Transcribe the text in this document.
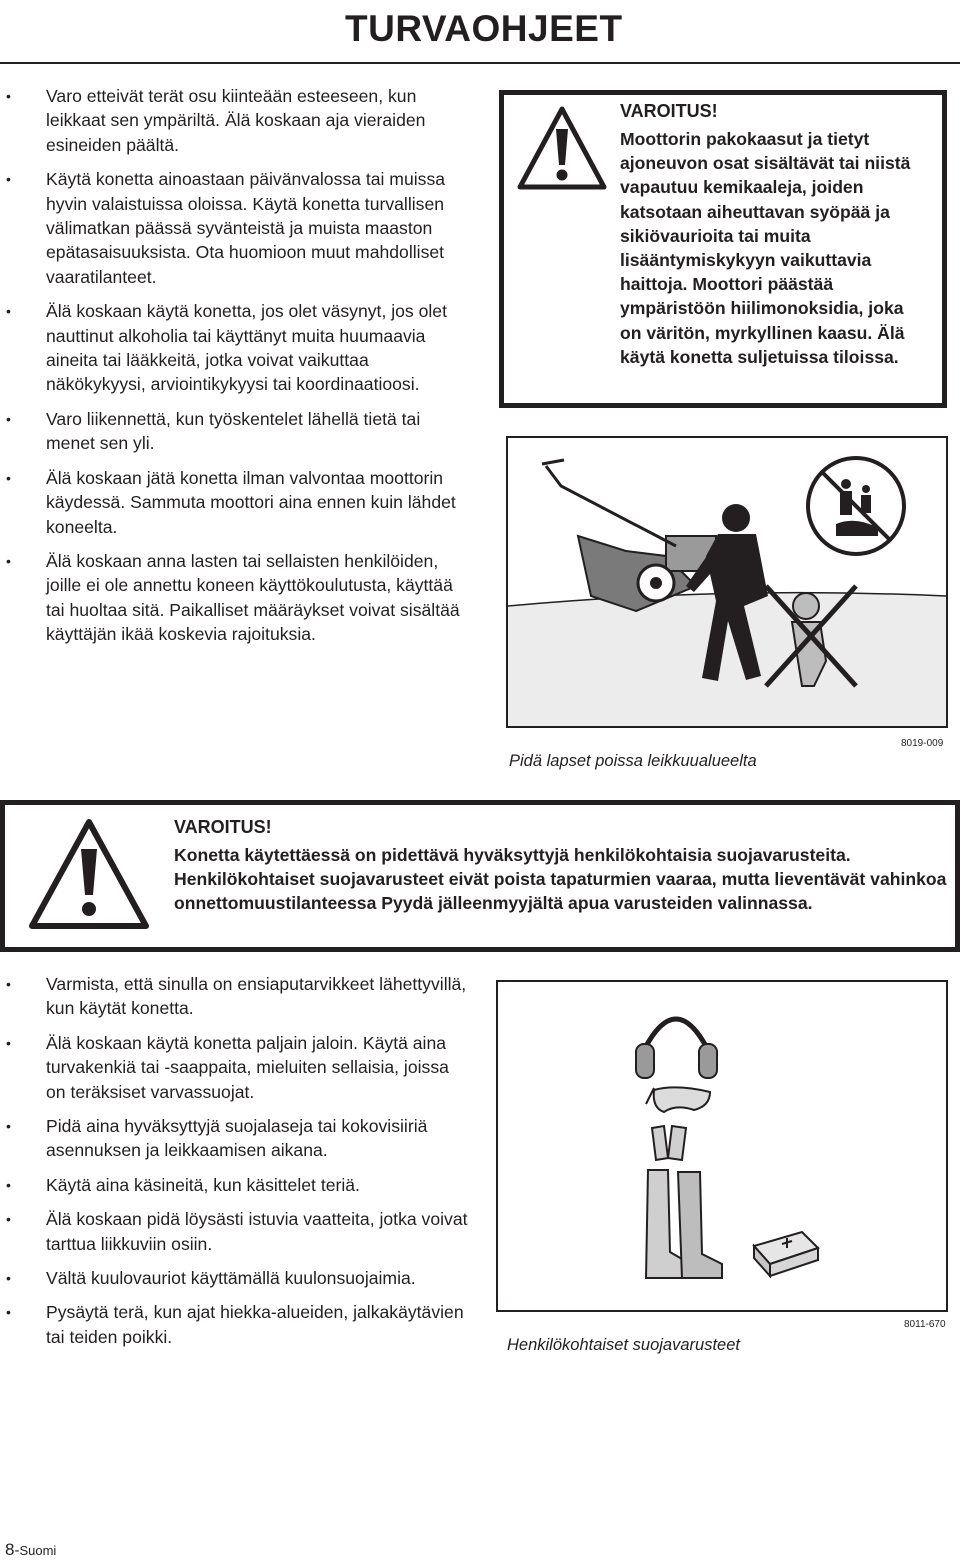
TURVAOHJEET
• Varo etteivät terät osu kiinteään esteeseen, kun leikkaat sen ympäriltä. Älä koskaan aja vieraiden esineiden päältä.
• Käytä konetta ainoastaan päivänvalossa tai muissa hyvin valaistuissa oloissa. Käytä konetta turvallisen välimatkan päässä syvänteistä ja muista maaston epätasaisuuksista. Ota huomioon muut mahdolliset vaaratilanteet.
• Älä koskaan käytä konetta, jos olet väsynyt, jos olet nauttinut alkoholia tai käyttänyt muita huumaavia aineita tai lääkkeitä, jotka voivat vaikuttaa näkökykyysi, arviointikykyysi tai koordinaatioosi.
• Varo liikennettä, kun työskentelet lähellä tietä tai menet sen yli.
• Älä koskaan jätä konetta ilman valvontaa moottorin käydessä. Sammuta moottori aina ennen kuin lähdet koneelta.
• Älä koskaan anna lasten tai sellaisten henkilöiden, joille ei ole annettu koneen käyttökoulutusta, käyttää tai huoltaa sitä. Paikalliset määräykset voivat sisältää käyttäjän ikää koskevia rajoituksia.
VAROITUS!
Moottorin pakokaasut ja tietyt ajoneuvon osat sisältävät tai niistä vapautuu kemikaaleja, joiden katsotaan aiheuttavan syöpää ja sikiövaurioita tai muita lisääntymiskykyyn vaikuttavia haittoja. Moottori päästää ympäristöön hiilimonoksidia, joka on väritön, myrkyllinen kaasu. Älä käytä konetta suljetuissa tiloissa.
Pidä lapset poissa leikkuualueelta
8019-009
VAROITUS!
Konetta käytettäessä on pidettävä hyväksyttyjä henkilökohtaisia suojavarusteita. Henkilökohtaiset suojavarusteet eivät poista tapaturmien vaaraa, mutta lieventävät vahinkoa onnettomuustilanteessa Pyydä jälleenmyyjältä apua varusteiden valinnassa.
• Varmista, että sinulla on ensiaputarvikkeet lähettyvillä, kun käytät konetta.
• Älä koskaan käytä konetta paljain jaloin. Käytä aina turvakenkiä tai -saappaita, mieluiten sellaisia, joissa on teräksiset varvassuojat.
• Pidä aina hyväksyttyjä suojalaseja tai kokovisiiriä asennuksen ja leikkaamisen aikana.
• Käytä aina käsineitä, kun käsittelet teriä.
• Älä koskaan pidä löysästi istuvia vaatteita, jotka voivat tarttua liikkuviin osiin.
• Vältä kuulovauriot käyttämällä kuulonsuojaimia.
• Pysäytä terä, kun ajat hiekka-alueiden, jalkakäytävien tai teiden poikki.	Henkilökohtaiset suojavarusteet
8011-670
8-Suomi
